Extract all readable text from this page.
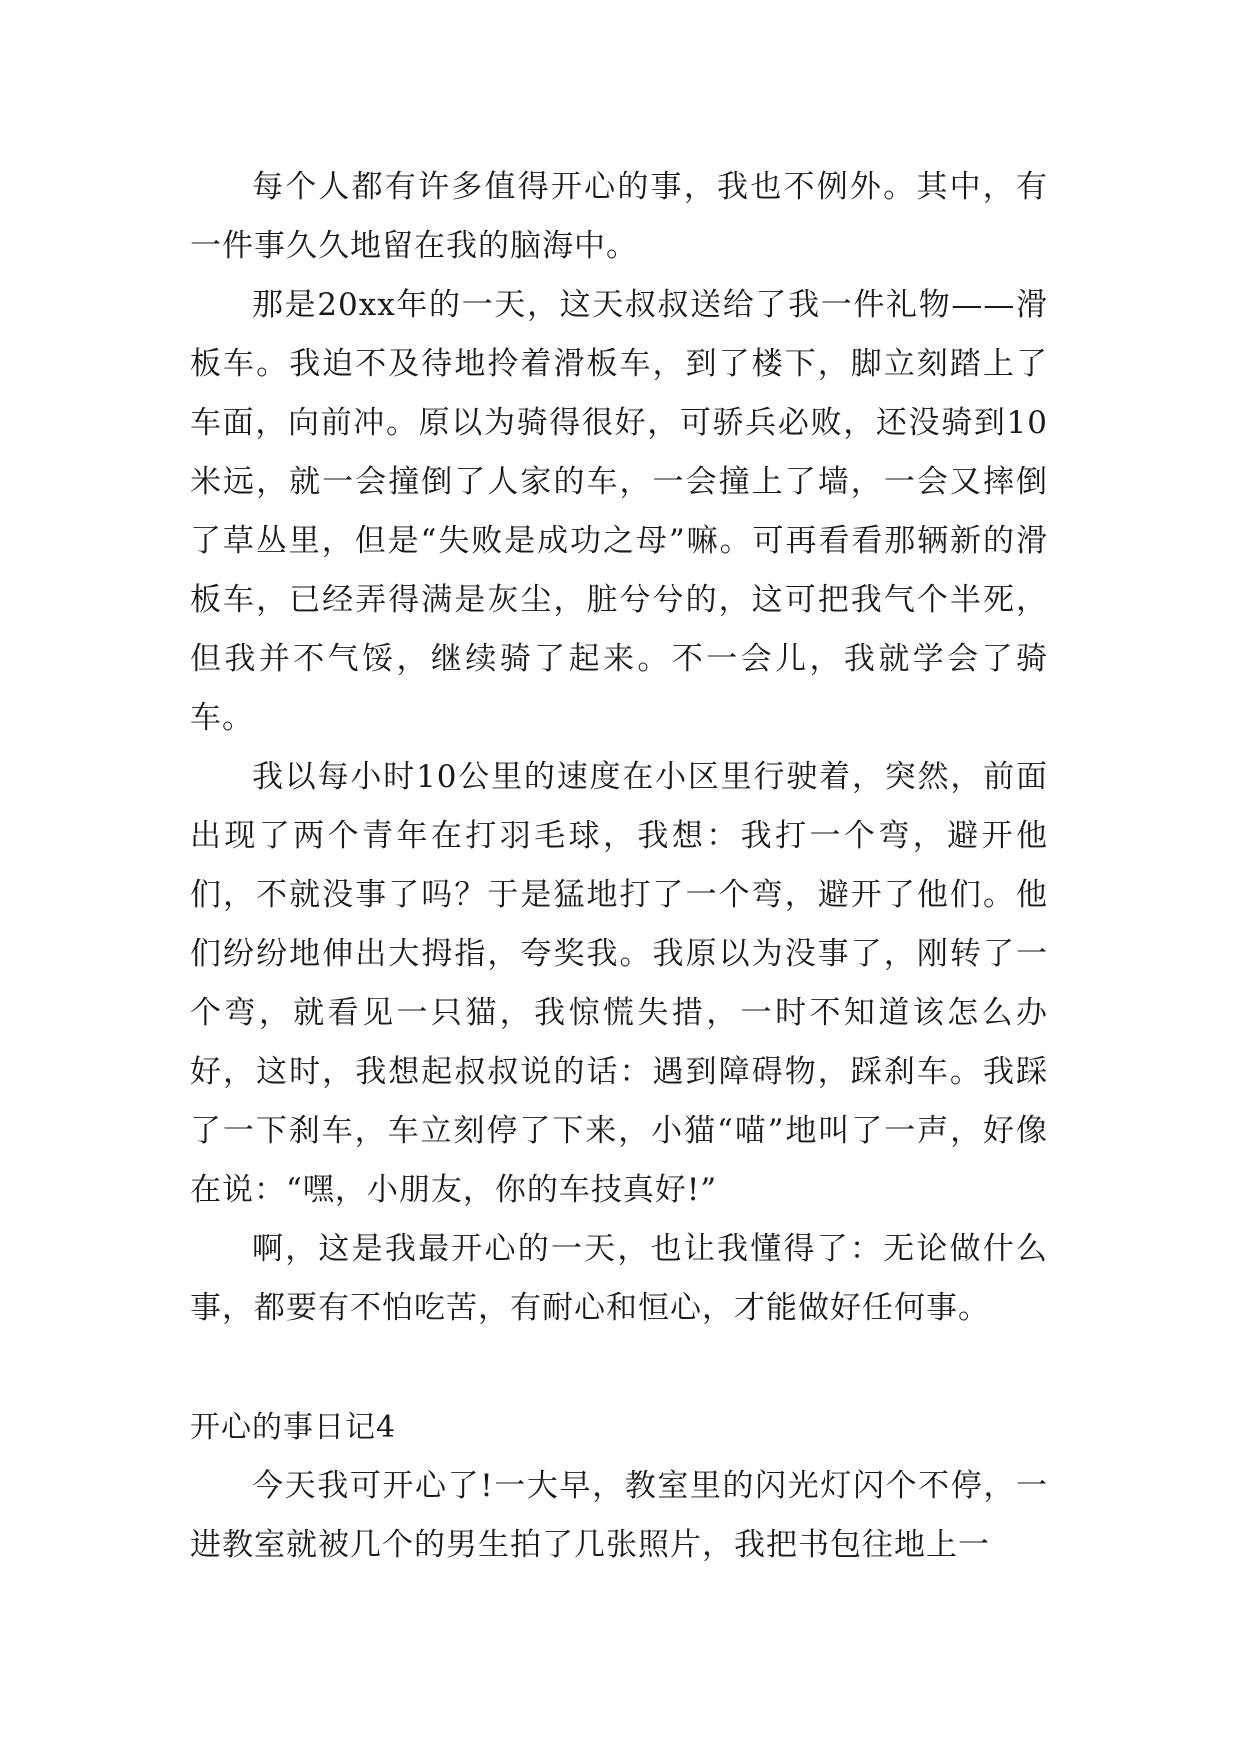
每个人都有许多值得开心的事，我也不例外。其中，有一件事久久地留在我的脑海中。

那是20xx年的一天，这天叔叔送给了我一件礼物——滑板车。我迫不及待地拎着滑板车，到了楼下，脚立刻踏上了车面，向前冲。原以为骑得很好，可骄兵必败，还没骑到10米远，就一会撞倒了人家的车，一会撞上了墙，一会又摔倒了草丛里，但是“失败是成功之母”嘛。可再看看那辆新的滑板车，已经弄得满是灰尘，脏兮兮的，这可把我气个半死，但我并不气馁，继续骑了起来。不一会儿，我就学会了骑车。

我以每小时10公里的速度在小区里行驶着，突然，前面出现了两个青年在打羽毛球，我想：我打一个弯，避开他们，不就没事了吗？于是猛地打了一个弯，避开了他们。他们纷纷地伸出大拇指，夸奖我。我原以为没事了，刚转了一个弯，就看见一只猫，我惊慌失措，一时不知道该怎么办好，这时，我想起叔叔说的话：遇到障碍物，踩刹车。我踩了一下刹车，车立刻停了下来，小猫“喵”地叫了一声，好像在说：“嘿，小朋友，你的车技真好!”

啊，这是我最开心的一天，也让我懂得了：无论做什么事，都要有不怕吃苦，有耐心和恒心，才能做好任何事。

开心的事日记4

今天我可开心了!一大早，教室里的闪光灯闪个不停，一进教室就被几个的男生拍了几张照片，我把书包往地上一
